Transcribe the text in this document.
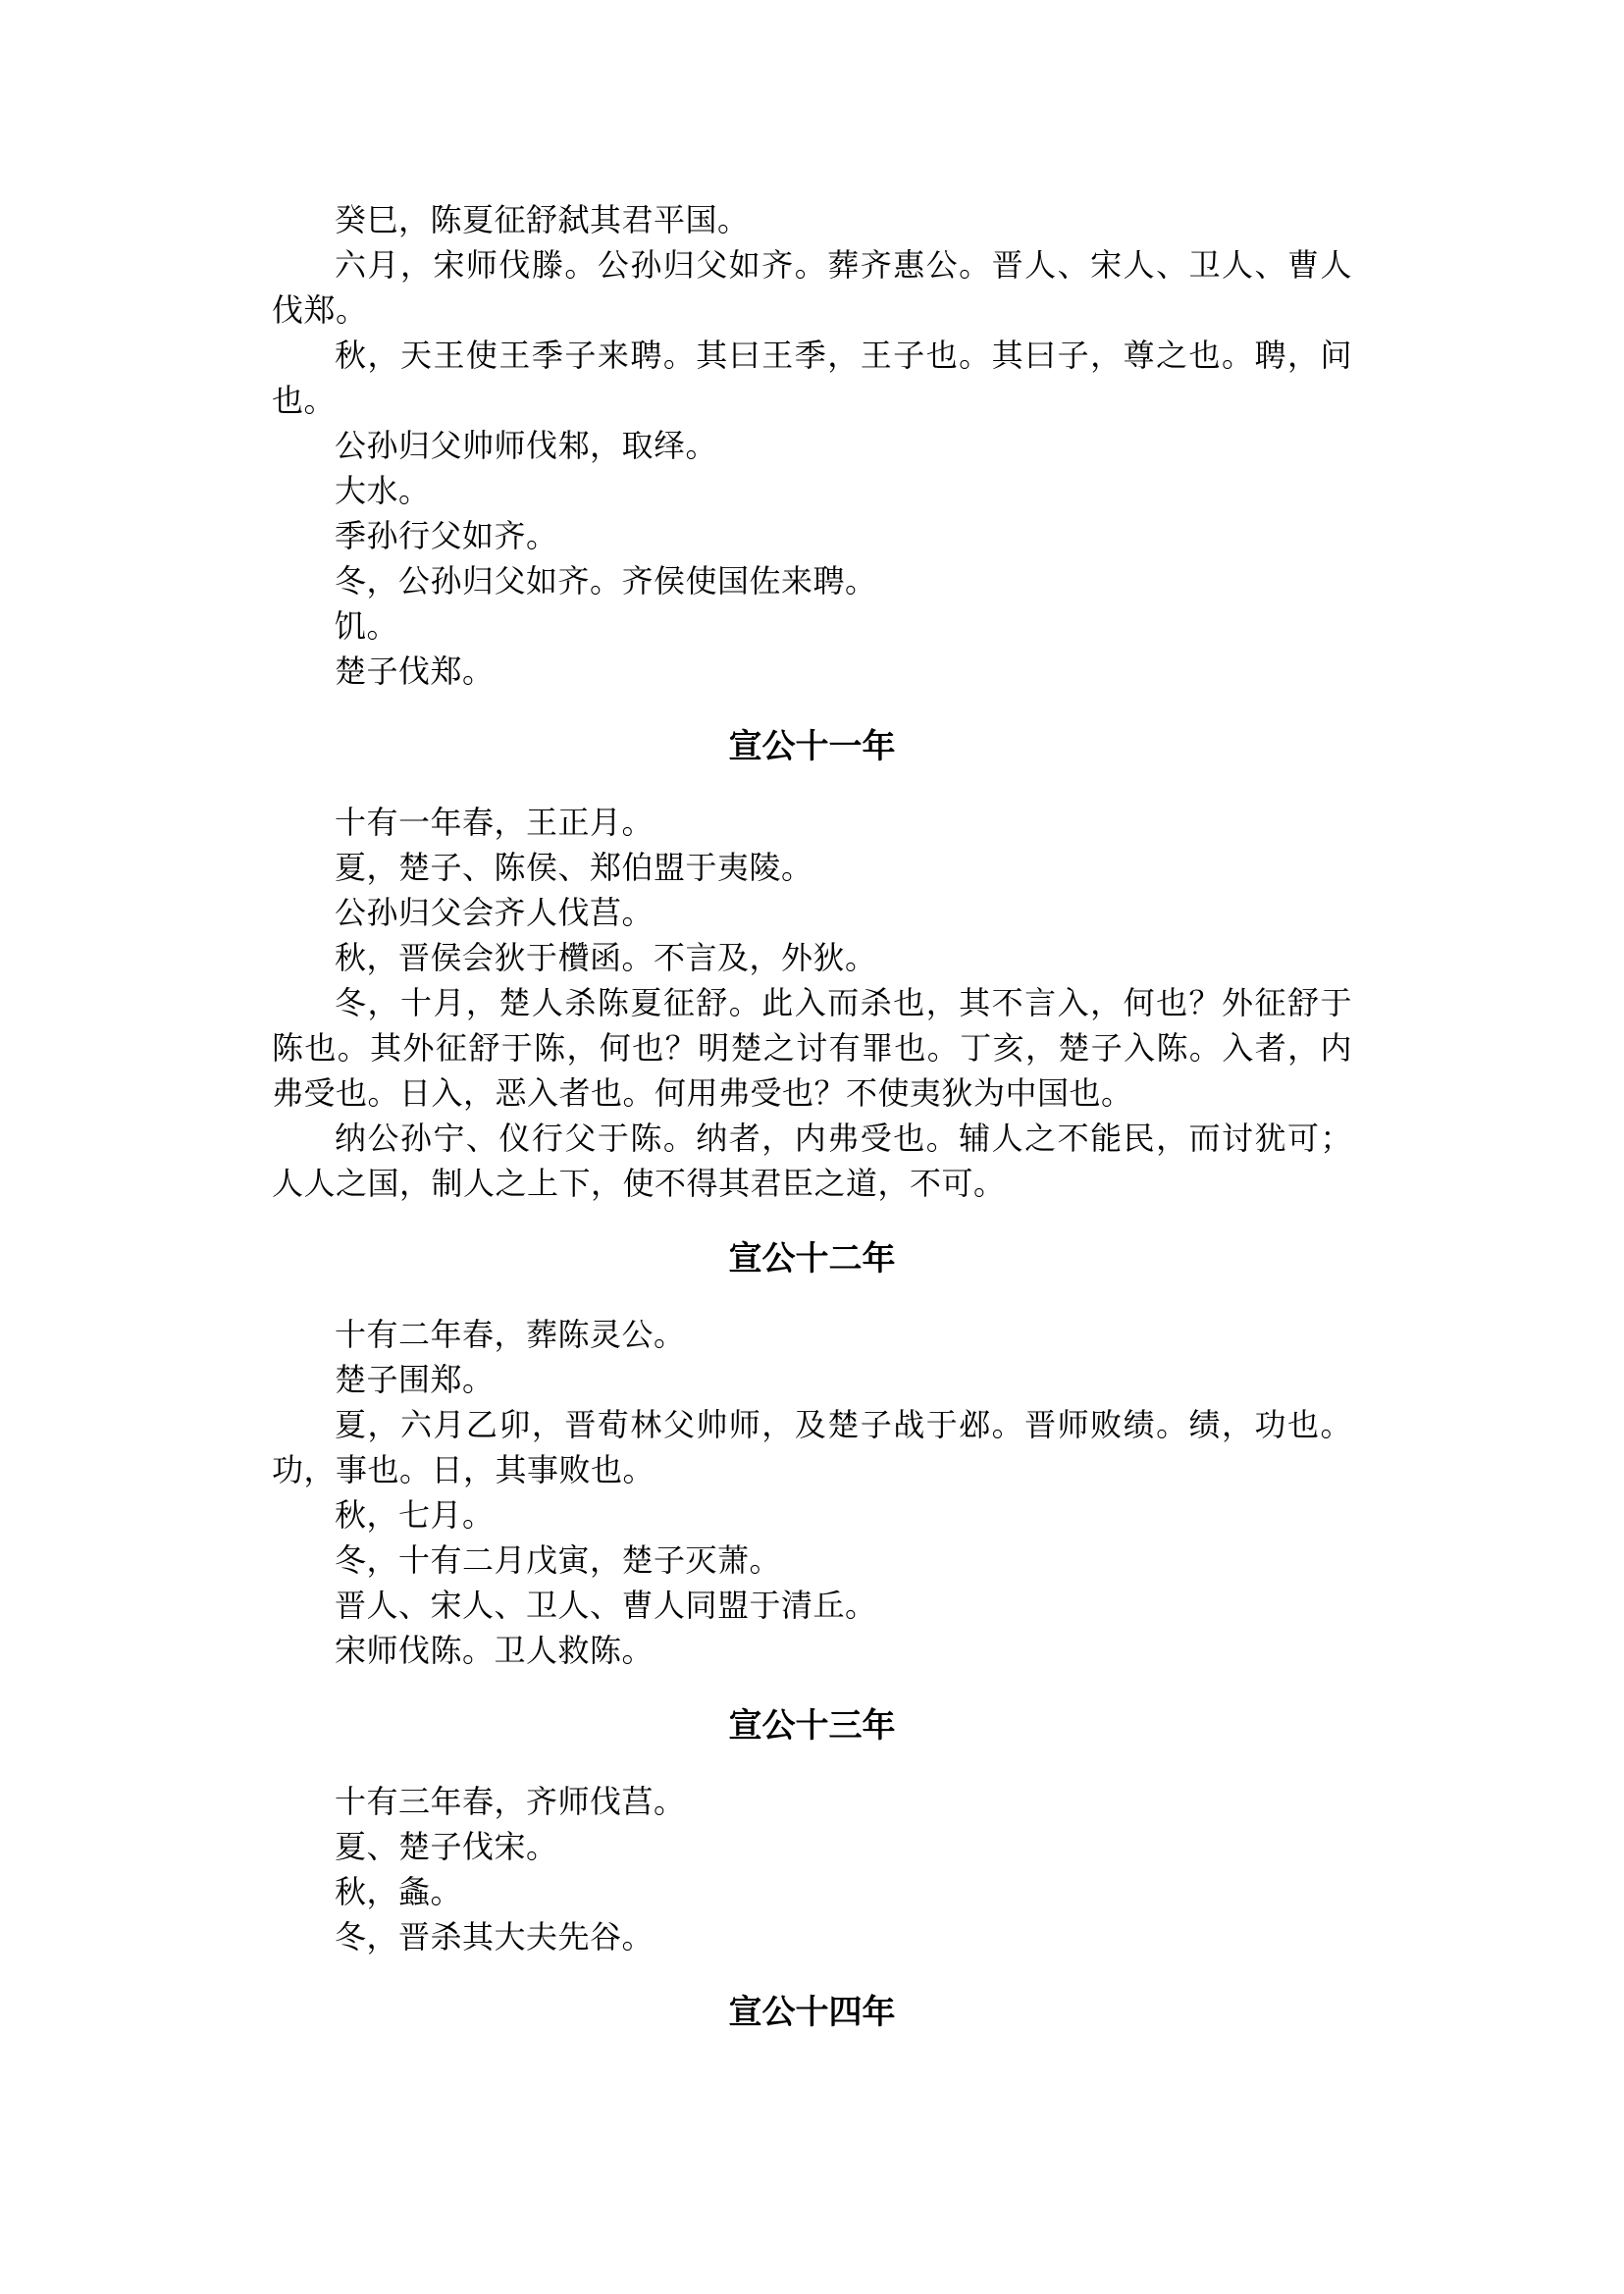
癸巳，陈夏征舒弑其君平国。

六月，宋师伐滕。公孙归父如齐。葬齐惠公。晋人、宋人、卫人、曹人伐郑。

秋，天王使王季子来聘。其曰王季，王子也。其曰子，尊之也。聘，问也。

公孙归父帅师伐邾，取绎。

大水。

季孙行父如齐。

冬，公孙归父如齐。齐侯使国佐来聘。

饥。

楚子伐郑。

宣公十一年

十有一年春，王正月。

夏，楚子、陈侯、郑伯盟于夷陵。

公孙归父会齐人伐莒。

秋，晋侯会狄于欑函。不言及，外狄。

冬，十月，楚人杀陈夏征舒。此入而杀也，其不言入，何也？外征舒于陈也。其外征舒于陈，何也？明楚之讨有罪也。丁亥，楚子入陈。入者，内弗受也。日入，恶入者也。何用弗受也？不使夷狄为中国也。

纳公孙宁、仪行父于陈。纳者，内弗受也。辅人之不能民，而讨犹可；人人之国，制人之上下，使不得其君臣之道，不可。

宣公十二年

十有二年春，葬陈灵公。

楚子围郑。

夏，六月乙卯，晋荀林父帅师，及楚子战于邲。晋师败绩。绩，功也。功，事也。日，其事败也。

秋，七月。

冬，十有二月戊寅，楚子灭萧。

晋人、宋人、卫人、曹人同盟于清丘。

宋师伐陈。卫人救陈。

宣公十三年

十有三年春，齐师伐莒。

夏、楚子伐宋。

秋，螽。

冬，晋杀其大夫先谷。

宣公十四年
